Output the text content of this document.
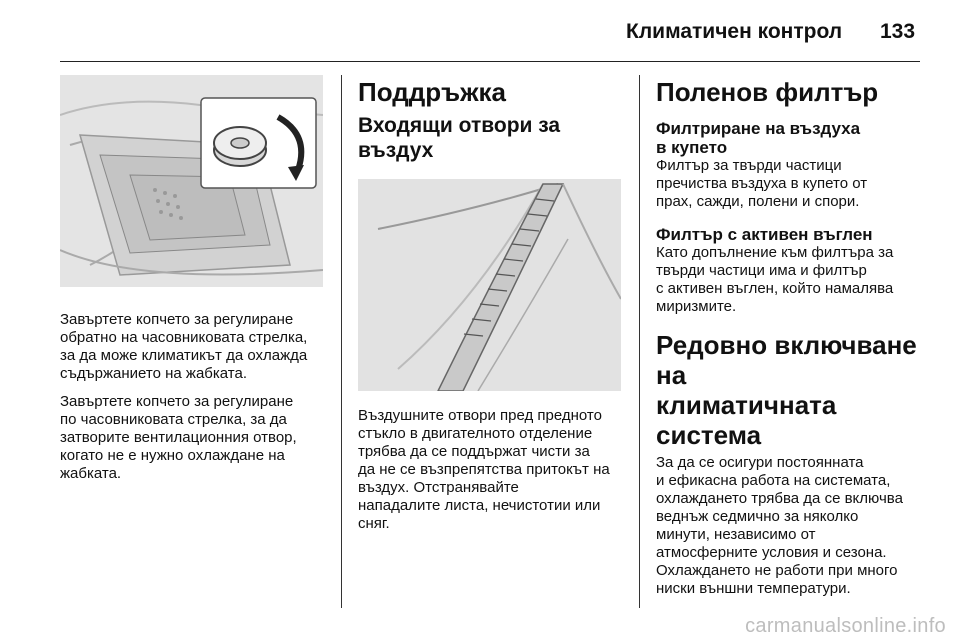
Климатичен контрол 133

Завъртете копчето за регулиране
обратно на часовниковата стрелка,
за да може климатикът да охлажда
съдържанието на жабката.

Завъртете копчето за регулиране
по часовниковата стрелка, за да
затворите вентилационния отвор,
когато не е нужно охлаждане на
жабката.

Поддръжка
Входящи отвори за
въздух

Въздушните отвори пред предното
стъкло в двигателното отделение
трябва да се поддържат чисти за
да не се възпрепятства притокът на
въздух. Отстранявайте
нападалите листа, нечистотии или
сняг.

Поленов филтър
Филтриране на въздуха
в купето

Филтър за твърди частици
пречиства въздуха в купето от
прах, сажди, полени и спори.

Филтър с активен въглен

Като допълнение към филтъра за
твърди частици има и филтър
с активен въглен, който намалява
миризмите.

Редовно включване на
климатичната система

За да се осигури постоянната
и ефикасна работа на системата,
охлаждането трябва да се включва
веднъж седмично за няколко
минути, независимо от
атмосферните условия и сезона.
Охлаждането не работи при много
ниски външни температури.

carmanualsonline.info
